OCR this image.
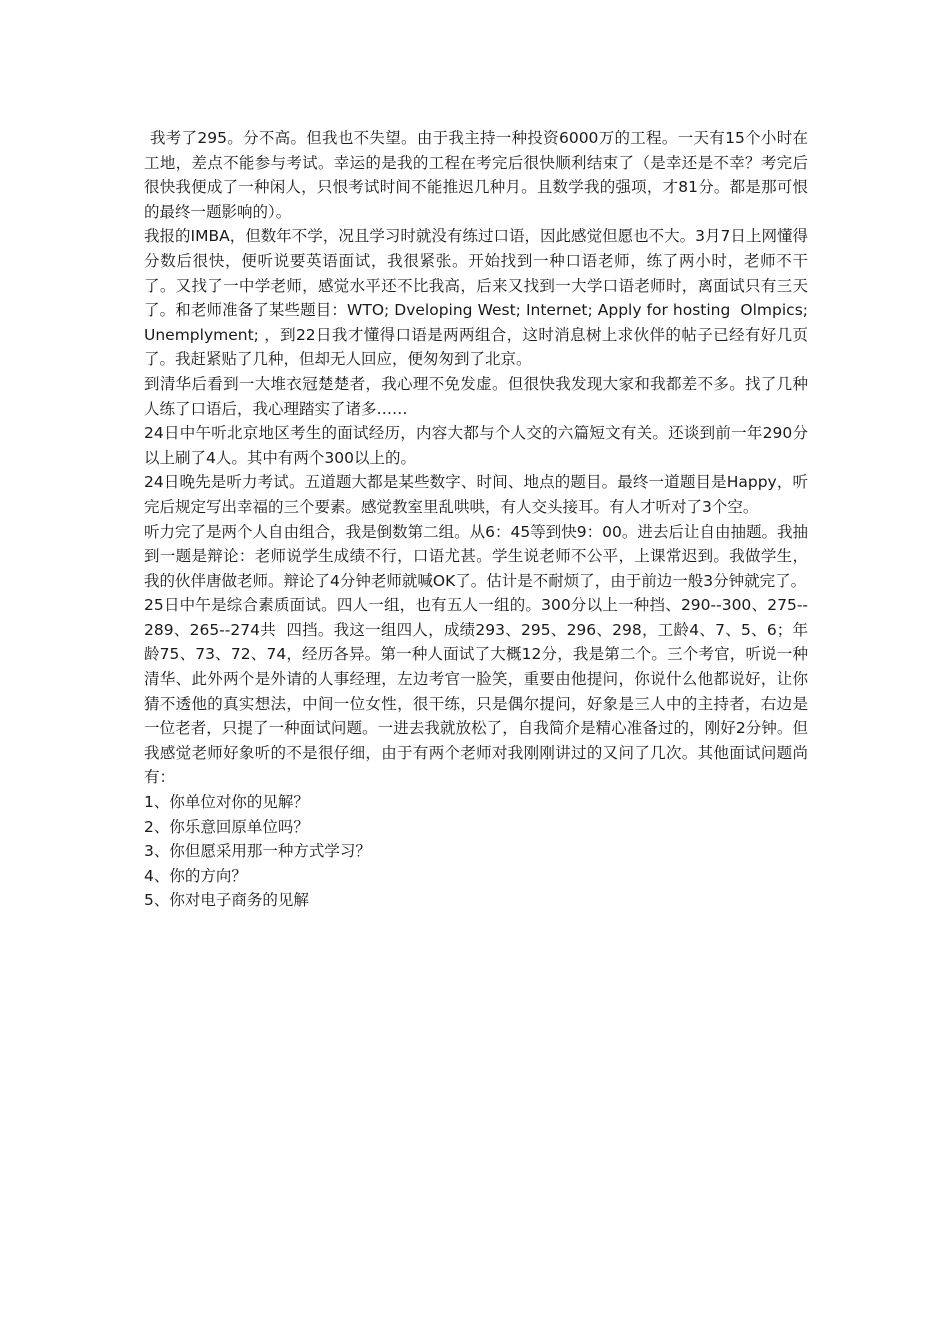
我考了295。分不高。但我也不失望。由于我主持一种投资6000万的工程。一天有15个小时在工地，差点不能参与考试。幸运的是我的工程在考完后很快顺利结束了（是幸还是不幸？考完后很快我便成了一种闲人，只恨考试时间不能推迟几种月。且数学我的强项，才81分。都是那可恨的最终一题影响的）。

我报的IMBA，但数年不学，况且学习时就没有练过口语，因此感觉但愿也不大。3月7日上网懂得分数后很快，便听说要英语面试，我很紧张。开始找到一种口语老师，练了两小时，老师不干了。又找了一中学老师，感觉水平还不比我高，后来又找到一大学口语老师时，离面试只有三天了。和老师准备了某些题目：WTO; Dveloping West; Internet; Apply for hosting  Olmpics; Unemplyment; ，到22日我才懂得口语是两两组合，这时消息树上求伙伴的帖子已经有好几页了。我赶紧贴了几种，但却无人回应，便匆匆到了北京。

到清华后看到一大堆衣冠楚楚者，我心理不免发虚。但很快我发现大家和我都差不多。找了几种人练了口语后，我心理踏实了诸多……

24日中午听北京地区考生的面试经历，内容大都与个人交的六篇短文有关。还谈到前一年290分以上刷了4人。其中有两个300以上的。

24日晚先是听力考试。五道题大都是某些数字、时间、地点的题目。最终一道题目是Happy，听完后规定写出幸福的三个要素。感觉教室里乱哄哄，有人交头接耳。有人才听对了3个空。

听力完了是两个人自由组合，我是倒数第二组。从6：45等到快9：00。进去后让自由抽题。我抽到一题是辩论：老师说学生成绩不行，口语尤甚。学生说老师不公平，上课常迟到。我做学生，我的伙伴唐做老师。辩论了4分钟老师就喊OK了。估计是不耐烦了，由于前边一般3分钟就完了。

25日中午是综合素质面试。四人一组，也有五人一组的。300分以上一种挡、290--300、275--289、265--274共  四挡。我这一组四人，成绩293、295、296、298，工龄4、7、5、6；年龄75、73、72、74，经历各异。第一种人面试了大概12分，我是第二个。三个考官，听说一种清华、此外两个是外请的人事经理，左边考官一脸笑，重要由他提问，你说什么他都说好，让你猜不透他的真实想法，中间一位女性，很干练，只是偶尔提问，好象是三人中的主持者，右边是一位老者，只提了一种面试问题。一进去我就放松了，自我简介是精心准备过的，刚好2分钟。但我感觉老师好象听的不是很仔细，由于有两个老师对我刚刚讲过的又问了几次。其他面试问题尚有：

1、你单位对你的见解？

2、你乐意回原单位吗？

3、你但愿采用那一种方式学习？

4、你的方向？

5、你对电子商务的见解
